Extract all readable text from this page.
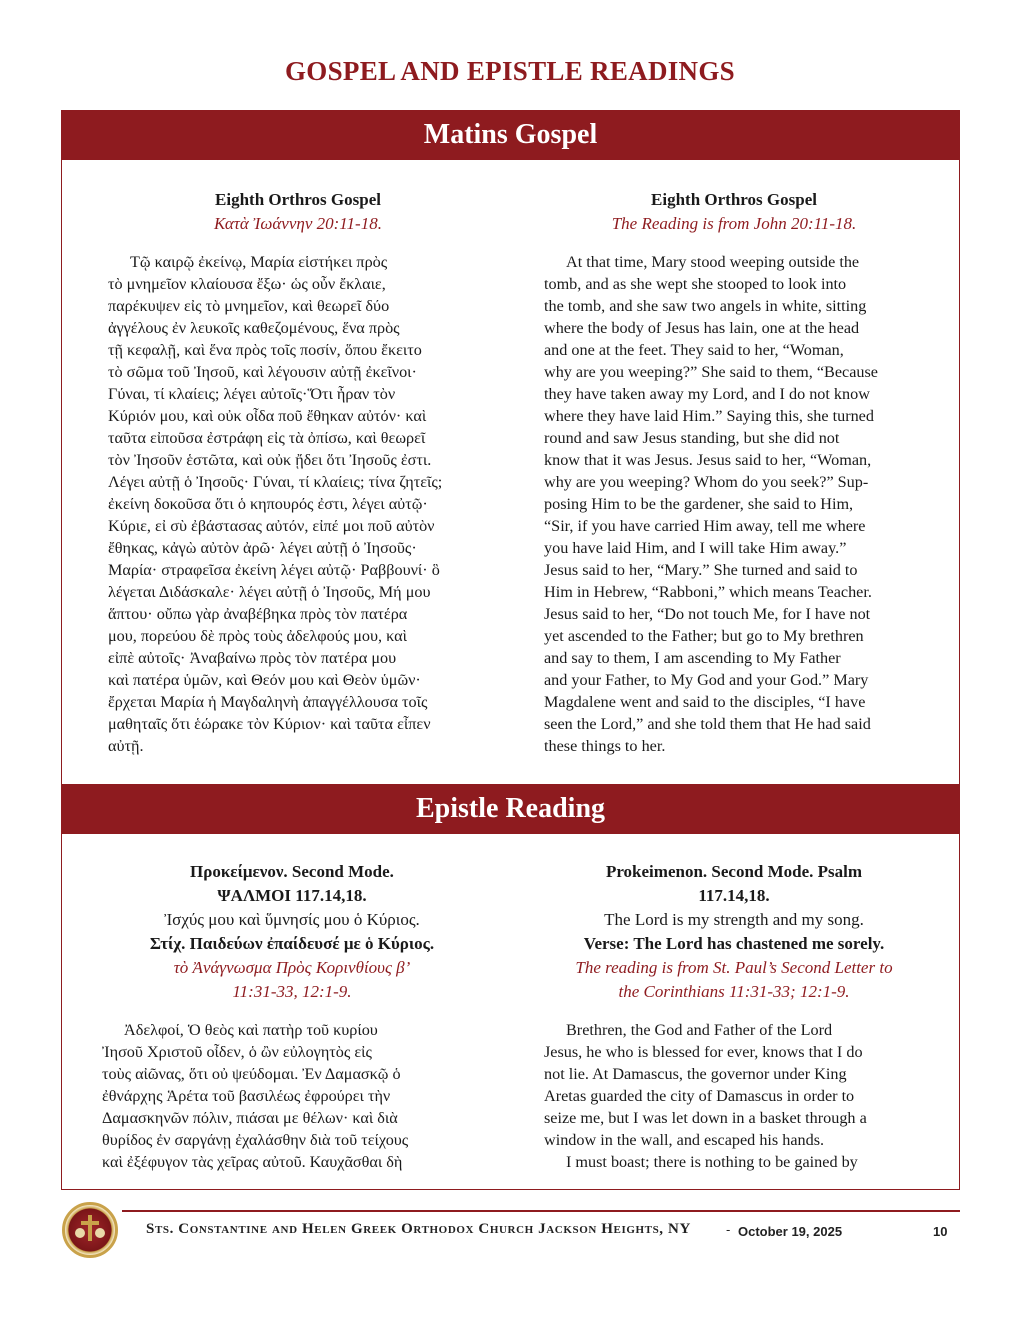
GOSPEL AND EPISTLE READINGS
Matins Gospel
Eighth Orthros Gospel
Κατὰ Ἰωάννην 20:11-18.
Τῷ καιρῷ ἐκείνῳ, Μαρία εἱστήκει πρὸς
τὸ μνημεῖον κλαίουσα ἔξω· ὡς οὖν ἔκλαιε,
παρέκυψεν εἰς τὸ μνημεῖον, καὶ θεωρεῖ δύο
ἀγγέλους ἐν λευκοῖς καθεζομένους, ἕνα πρὸς
τῇ κεφαλῇ, καὶ ἕνα πρὸς τοῖς ποσίν, ὅπου ἔκειτο
τὸ σῶμα τοῦ Ἰησοῦ, καὶ λέγουσιν αὐτῇ ἐκεῖνοι·
Γύναι, τί κλαίεις; λέγει αὐτοῖς·Ὅτι ἦραν τὸν
Κύριόν μου, καὶ οὐκ οἶδα ποῦ ἔθηκαν αὐτόν· καὶ
ταῦτα εἰποῦσα ἐστράφη εἰς τὰ ὀπίσω, καὶ θεωρεῖ
τὸν Ἰησοῦν ἑστῶτα, καὶ οὐκ ᾔδει ὅτι Ἰησοῦς ἐστι.
Λέγει αὐτῇ ὁ Ἰησοῦς· Γύναι, τί κλαίεις; τίνα ζητεῖς;
ἐκείνη δοκοῦσα ὅτι ὁ κηπουρός ἐστι, λέγει αὐτῷ·
Κύριε, εἰ σὺ ἐβάστασας αὐτόν, εἰπέ μοι ποῦ αὐτὸν
ἔθηκας, κἀγὼ αὐτὸν ἀρῶ· λέγει αὐτῇ ὁ Ἰησοῦς·
Μαρία· στραφεῖσα ἐκείνη λέγει αὐτῷ· Ραββουνί· ὃ
λέγεται Διδάσκαλε· λέγει αὐτῇ ὁ Ἰησοῦς, Μή μου
ἅπτου· οὔπω γὰρ ἀναβέβηκα πρὸς τὸν πατέρα
μου, πορεύου δὲ πρὸς τοὺς ἀδελφούς μου, καὶ
εἰπὲ αὐτοῖς· Ἀναβαίνω πρὸς τὸν πατέρα μου
καὶ πατέρα ὑμῶν, καὶ Θεόν μου καὶ Θεὸν ὑμῶν·
ἔρχεται Μαρία ἡ Μαγδαληνὴ ἀπαγγέλλουσα τοῖς
μαθηταῖς ὅτι ἑώρακε τὸν Κύριον· καὶ ταῦτα εἶπεν
αὐτῇ.
Eighth Orthros Gospel
The Reading is from John 20:11-18.
At that time, Mary stood weeping outside the
tomb, and as she wept she stooped to look into
the tomb, and she saw two angels in white, sitting
where the body of Jesus has lain, one at the head
and one at the feet. They said to her, “Woman,
why are you weeping?” She said to them, “Because
they have taken away my Lord, and I do not know
where they have laid Him.” Saying this, she turned
round and saw Jesus standing, but she did not
know that it was Jesus. Jesus said to her, “Woman,
why are you weeping? Whom do you seek?” Sup-
posing Him to be the gardener, she said to Him,
“Sir, if you have carried Him away, tell me where
you have laid Him, and I will take Him away.”
Jesus said to her, “Mary.” She turned and said to
Him in Hebrew, “Rabboni,” which means Teacher.
Jesus said to her, “Do not touch Me, for I have not
yet ascended to the Father; but go to My brethren
and say to them, I am ascending to My Father
and your Father, to My God and your God.” Mary
Magdalene went and said to the disciples, “I have
seen the Lord,” and she told them that He had said
these things to her.
Epistle Reading
Προκείμενον. Second Mode.
ΨΑΛΜΟΙ 117.14,18.
Ἰσχύς μου καὶ ὕμνησίς μου ὁ Κύριος.
Στίχ. Παιδεύων ἐπαίδευσέ με ὁ Κύριος.
τὸ Ἀνάγνωσμα Πρὸς Κορινθίους β’
11:31-33, 12:1-9.
Ἀδελφοί, Ὁ θεὸς καὶ πατὴρ τοῦ κυρίου
Ἰησοῦ Χριστοῦ οἶδεν, ὁ ὢν εὐλογητὸς εἰς
τοὺς αἰῶνας, ὅτι οὐ ψεύδομαι. Ἐν Δαμασκῷ ὁ
ἐθνάρχης Ἁρέτα τοῦ βασιλέως ἐφρούρει τὴν
Δαμασκηνῶν πόλιν, πιάσαι με θέλων· καὶ διὰ
θυρίδος ἐν σαργάνῃ ἐχαλάσθην διὰ τοῦ τείχους
καὶ ἐξέφυγον τὰς χεῖρας αὐτοῦ. Καυχᾶσθαι δὴ
Prokeimenon. Second Mode. Psalm
117.14,18.
The Lord is my strength and my song.
Verse: The Lord has chastened me sorely.
The reading is from St. Paul’s Second Letter to
the Corinthians 11:31-33; 12:1-9.
Brethren, the God and Father of the Lord
Jesus, he who is blessed for ever, knows that I do
not lie. At Damascus, the governor under King
Aretas guarded the city of Damascus in order to
seize me, but I was let down in a basket through a
window in the wall, and escaped his hands.
I must boast; there is nothing to be gained by
Sts. Constantine and Helen Greek Orthodox Church Jackson Heights, NY	- October 19, 2025	10
